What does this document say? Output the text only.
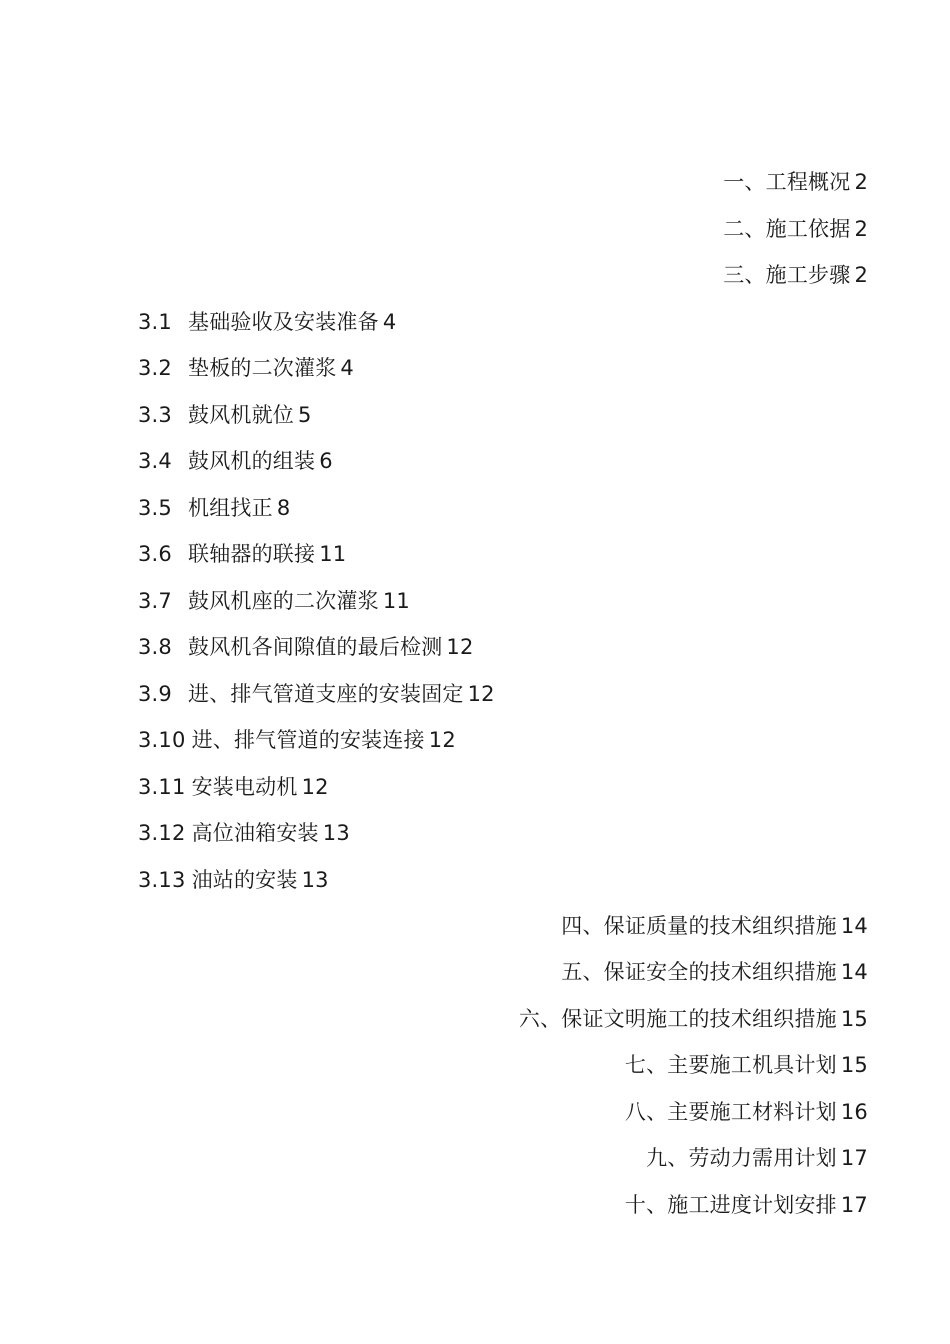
一、工程概况 2
二、施工依据 2
三、施工步骤 2
3.1 基础验收及安装准备 4
3.2 垫板的二次灌浆 4
3.3 鼓风机就位 5
3.4 鼓风机的组装 6
3.5 机组找正 8
3.6 联轴器的联接 11
3.7 鼓风机座的二次灌浆 11
3.8 鼓风机各间隙值的最后检测 12
3.9 进、排气管道支座的安装固定 12
3.10 进、排气管道的安装连接 12
3.11 安装电动机 12
3.12 高位油箱安装 13
3.13 油站的安装 13
四、保证质量的技术组织措施 14
五、保证安全的技术组织措施 14
六、保证文明施工的技术组织措施 15
七、主要施工机具计划 15
八、主要施工材料计划 16
九、劳动力需用计划 17
十、施工进度计划安排 17
